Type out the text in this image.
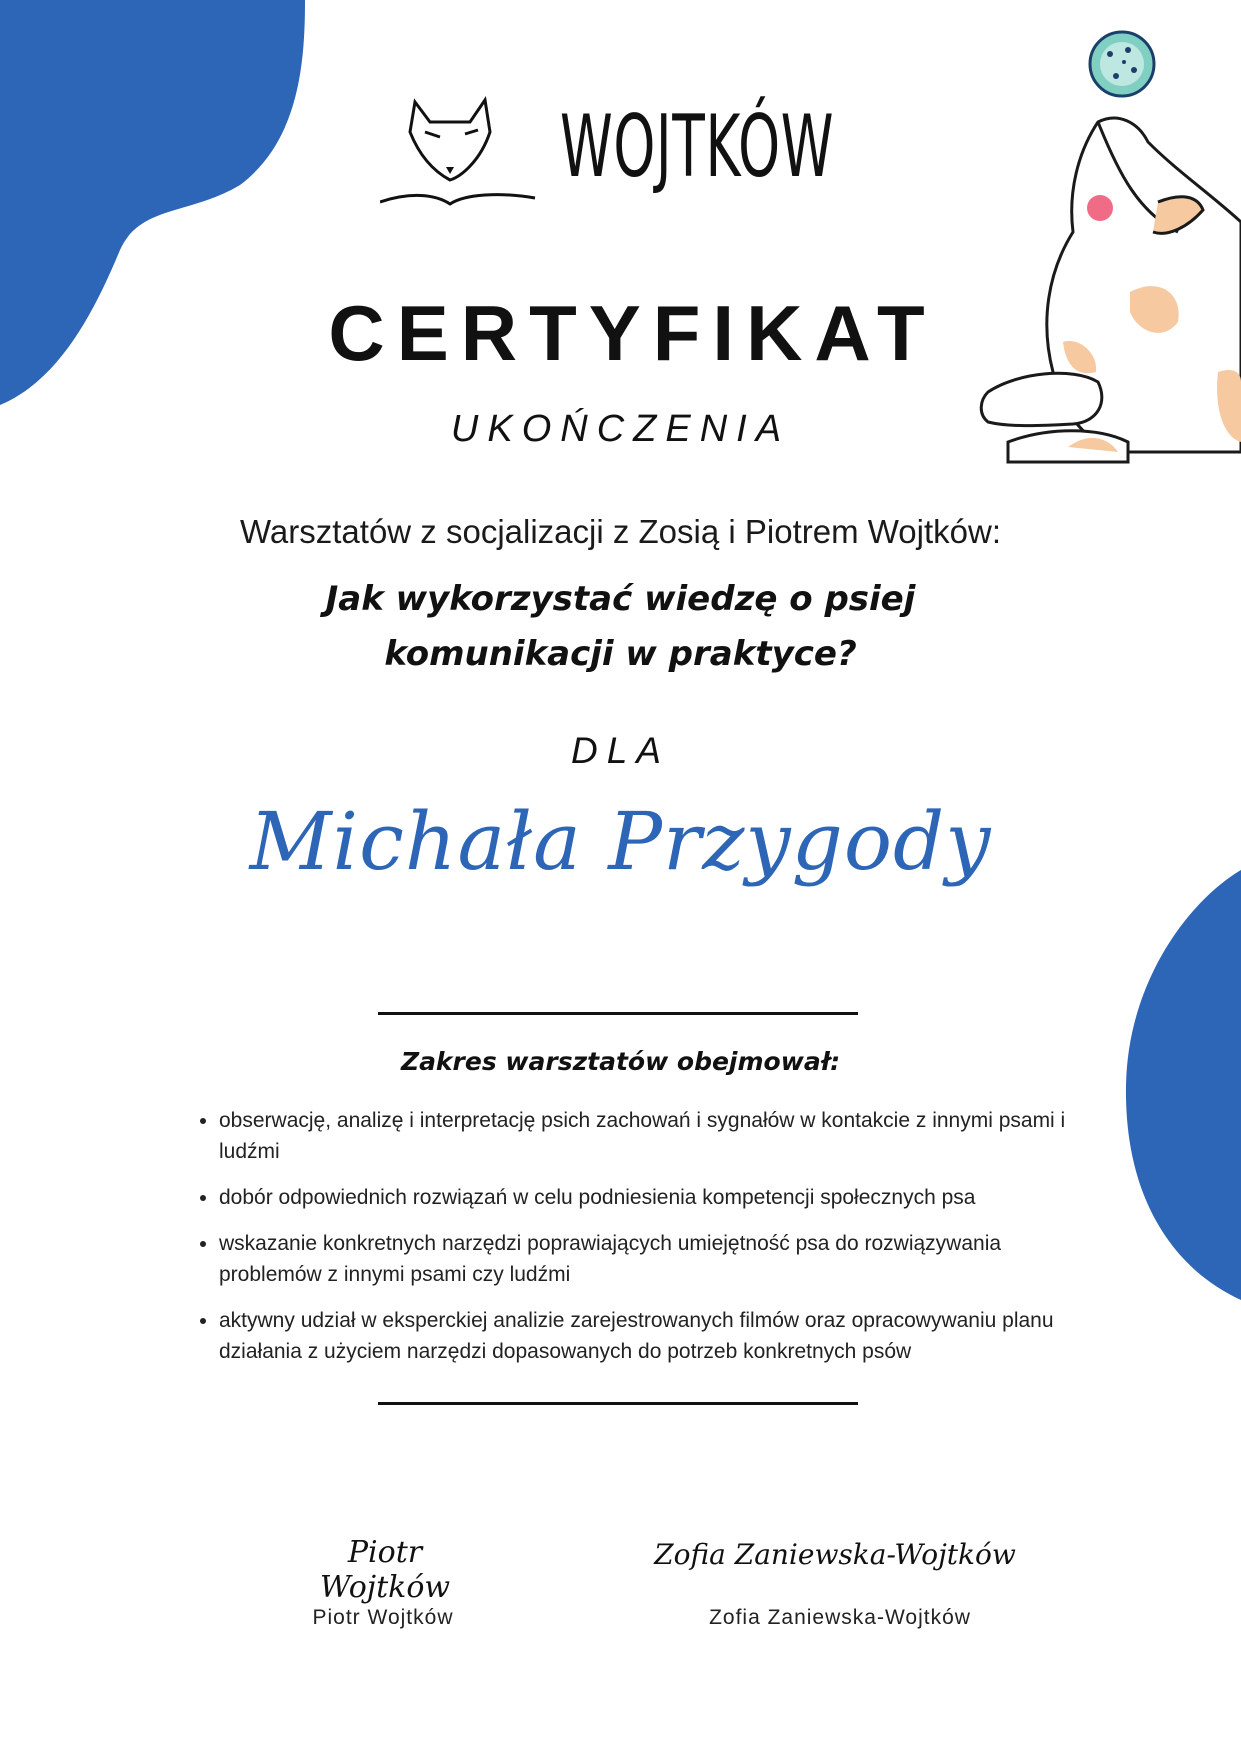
WOJTKÓW
CERTYFIKAT
UKOŃCZENIA
Warsztatów z socjalizacji z Zosią i Piotrem Wojtków:
Jak wykorzystać wiedzę o psiej
komunikacji w praktyce?
DLA
Michała Przygody
Zakres warsztatów obejmował:
• obserwację, analizę i interpretację psich zachowań i sygnałów w kontakcie z innymi psami i ludźmi
• dobór odpowiednich rozwiązań w celu podniesienia kompetencji społecznych psa
• wskazanie konkretnych narzędzi poprawiających umiejętność psa do rozwiązywania problemów z innymi psami czy ludźmi
• aktywny udział w eksperckiej analizie zarejestrowanych filmów oraz opracowywaniu planu działania z użyciem narzędzi dopasowanych do potrzeb konkretnych psów
Piotr Wojtków
Piotr Wojtków
Zofia Zaniewska-Wojtków
Zofia Zaniewska-Wojtków
